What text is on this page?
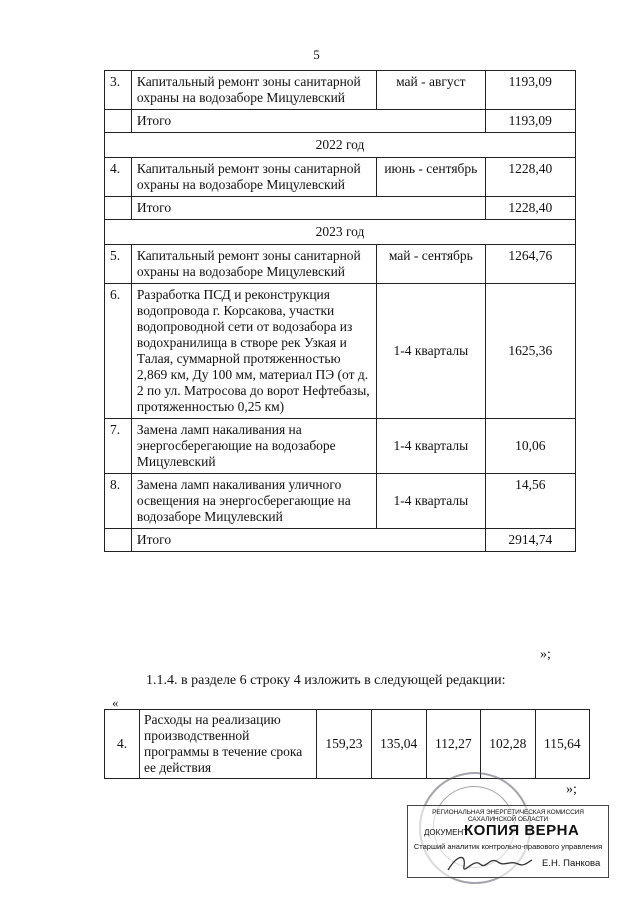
5
3.	Капитальный ремонт зоны санитарной охраны на водозаборе Мицулевский	май - август	1193,09
	Итого		1193,09
2022 год			
4.	Капитальный ремонт зоны санитарной охраны на водозаборе Мицулевский	июнь - сентябрь	1228,40
	Итого		1228,40
2023 год			
5.	Капитальный ремонт зоны санитарной охраны на водозаборе Мицулевский	май - сентябрь	1264,76
6.	Разработка ПСД и реконструкция водопровода г. Корсакова, участки водопроводной сети от водозабора из водохранилища в створе рек Узкая и Талая, суммарной протяженностью 2,869 км, Ду 100 мм, материал ПЭ (от д. 2 по ул. Матросова до ворот Нефтебазы, протяженностью 0,25 км)	1-4 кварталы	1625,36
7.	Замена ламп накаливания на энергосберегающие на водозаборе Мицулевский	1-4 кварталы	10,06
8.	Замена ламп накаливания уличного освещения на энергосберегающие на водозаборе Мицулевский	1-4 кварталы	14,56
	Итого		2914,74
»;
1.1.4. в разделе 6 строку 4 изложить в следующей редакции:
«
4.	Расходы на реализацию производственной программы в течение срока ее действия	159,23	135,04	112,27	102,28	115,64
»;
РЕГИОНАЛЬНАЯ ЭНЕРГЕТИЧЕСКАЯ КОМИССИЯ САХАЛИНСКОЙ ОБЛАСТИ
ДОКУМЕНТ
КОПИЯ ВЕРНА
Старший аналитик контрольно-правового управления
Е.Н. Панкова
